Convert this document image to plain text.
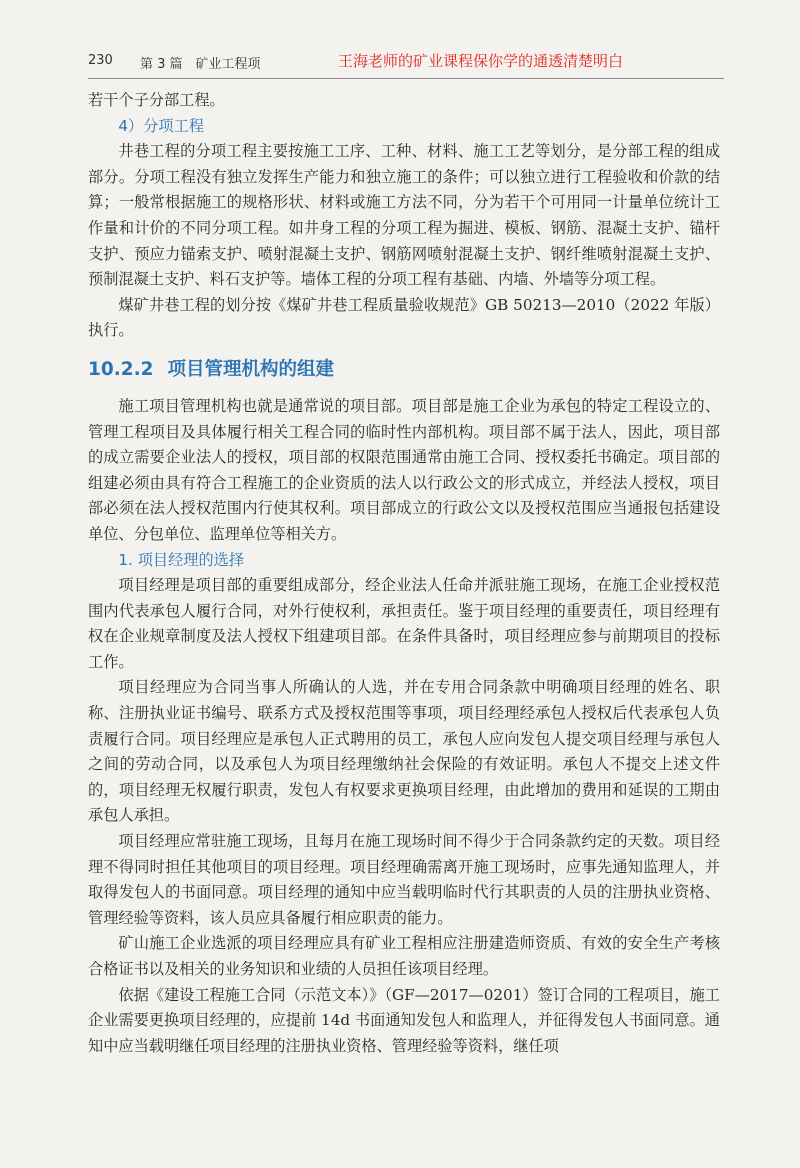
230 第 3 篇　矿业工程项	王海老师的矿业课程保你学的通透清楚明白

若干个子分部工程。

4）分项工程

井巷工程的分项工程主要按施工工序、工种、材料、施工工艺等划分，是分部工程的组成部分。分项工程没有独立发挥生产能力和独立施工的条件；可以独立进行工程验收和价款的结算；一般常根据施工的规格形状、材料或施工方法不同，分为若干个可用同一计量单位统计工作量和计价的不同分项工程。如井身工程的分项工程为掘进、模板、钢筋、混凝土支护、锚杆支护、预应力锚索支护、喷射混凝土支护、钢筋网喷射混凝土支护、钢纤维喷射混凝土支护、预制混凝土支护、料石支护等。墙体工程的分项工程有基础、内墙、外墙等分项工程。

煤矿井巷工程的划分按《煤矿井巷工程质量验收规范》GB 50213—2010（2022 年版）执行。

10.2.2 项目管理机构的组建

施工项目管理机构也就是通常说的项目部。项目部是施工企业为承包的特定工程设立的、管理工程项目及具体履行相关工程合同的临时性内部机构。项目部不属于法人，因此，项目部的成立需要企业法人的授权，项目部的权限范围通常由施工合同、授权委托书确定。项目部的组建必须由具有符合工程施工的企业资质的法人以行政公文的形式成立，并经法人授权，项目部必须在法人授权范围内行使其权利。项目部成立的行政公文以及授权范围应当通报包括建设单位、分包单位、监理单位等相关方。

1. 项目经理的选择

项目经理是项目部的重要组成部分，经企业法人任命并派驻施工现场，在施工企业授权范围内代表承包人履行合同，对外行使权利，承担责任。鉴于项目经理的重要责任，项目经理有权在企业规章制度及法人授权下组建项目部。在条件具备时，项目经理应参与前期项目的投标工作。

项目经理应为合同当事人所确认的人选，并在专用合同条款中明确项目经理的姓名、职称、注册执业证书编号、联系方式及授权范围等事项，项目经理经承包人授权后代表承包人负责履行合同。项目经理应是承包人正式聘用的员工，承包人应向发包人提交项目经理与承包人之间的劳动合同，以及承包人为项目经理缴纳社会保险的有效证明。承包人不提交上述文件的，项目经理无权履行职责，发包人有权要求更换项目经理，由此增加的费用和延误的工期由承包人承担。

项目经理应常驻施工现场，且每月在施工现场时间不得少于合同条款约定的天数。项目经理不得同时担任其他项目的项目经理。项目经理确需离开施工现场时，应事先通知监理人，并取得发包人的书面同意。项目经理的通知中应当载明临时代行其职责的人员的注册执业资格、管理经验等资料，该人员应具备履行相应职责的能力。

矿山施工企业选派的项目经理应具有矿业工程相应注册建造师资质、有效的安全生产考核合格证书以及相关的业务知识和业绩的人员担任该项目经理。

依据《建设工程施工合同（示范文本）》（GF—2017—0201）签订合同的工程项目，施工企业需要更换项目经理的，应提前 14d 书面通知发包人和监理人，并征得发包人书面同意。通知中应当载明继任项目经理的注册执业资格、管理经验等资料，继任项
